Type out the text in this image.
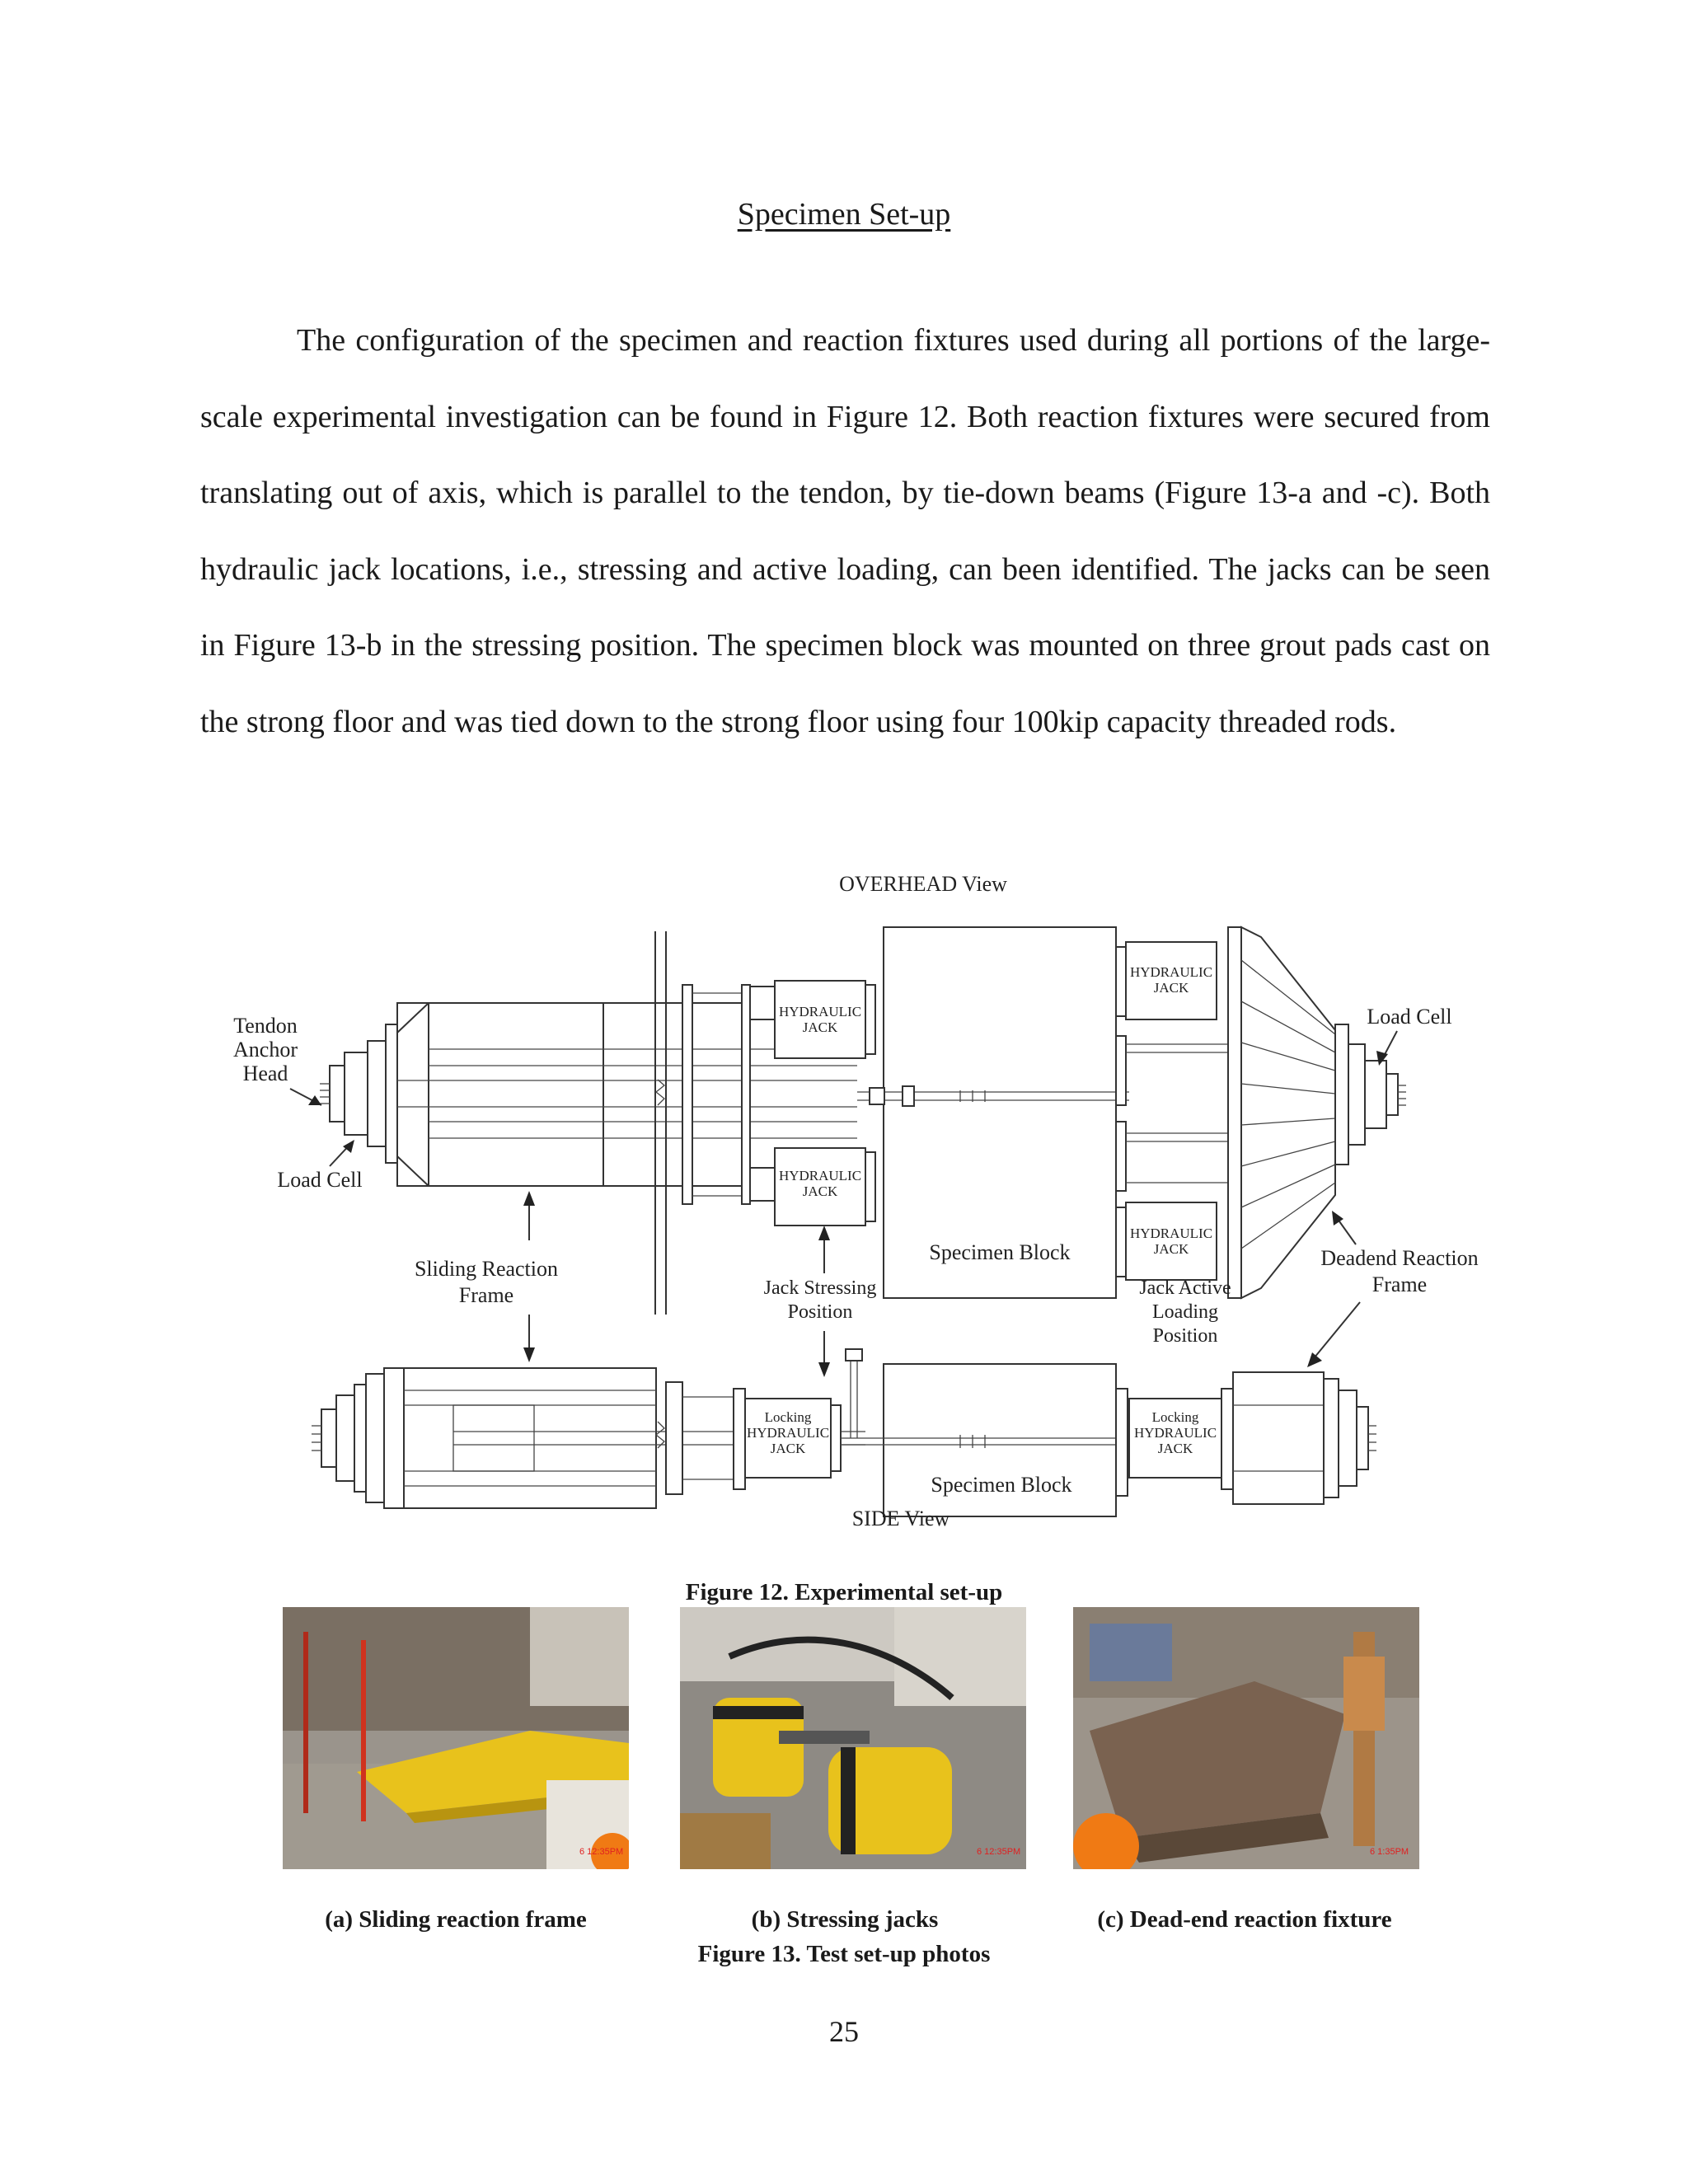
Specimen Set-up

The configuration of the specimen and reaction fixtures used during all portions of the large-scale experimental investigation can be found in Figure 12. Both reaction fixtures were secured from translating out of axis, which is parallel to the tendon, by tie-down beams (Figure 13-a and -c). Both hydraulic jack locations, i.e., stressing and active loading, can been identified. The jacks can be seen in Figure 13-b in the stressing position. The specimen block was mounted on three grout pads cast on the strong floor and was tied down to the strong floor using four 100kip capacity threaded rods.

OVERHEAD View
HYDRAULIC
JACK
HYDRAULIC
JACK
Specimen Block
HYDRAULIC
JACK
HYDRAULIC
JACK
Tendon
Anchor
Head
Load Cell
Load Cell
Sliding Reaction
Frame	Jack Stressing
Position
Jack Active
Loading
Position
Deadend Reaction
Frame
Locking
HYDRAULIC
JACK
Specimen Block
Locking
HYDRAULIC
JACK
SIDE View
Figure 12. Experimental set-up
6 12:35PM	6 12:35PM	6 1:35PM
(a) Sliding reaction frame	(b) Stressing jacks	(c) Dead-end reaction fixture
Figure 13. Test set-up photos
25
